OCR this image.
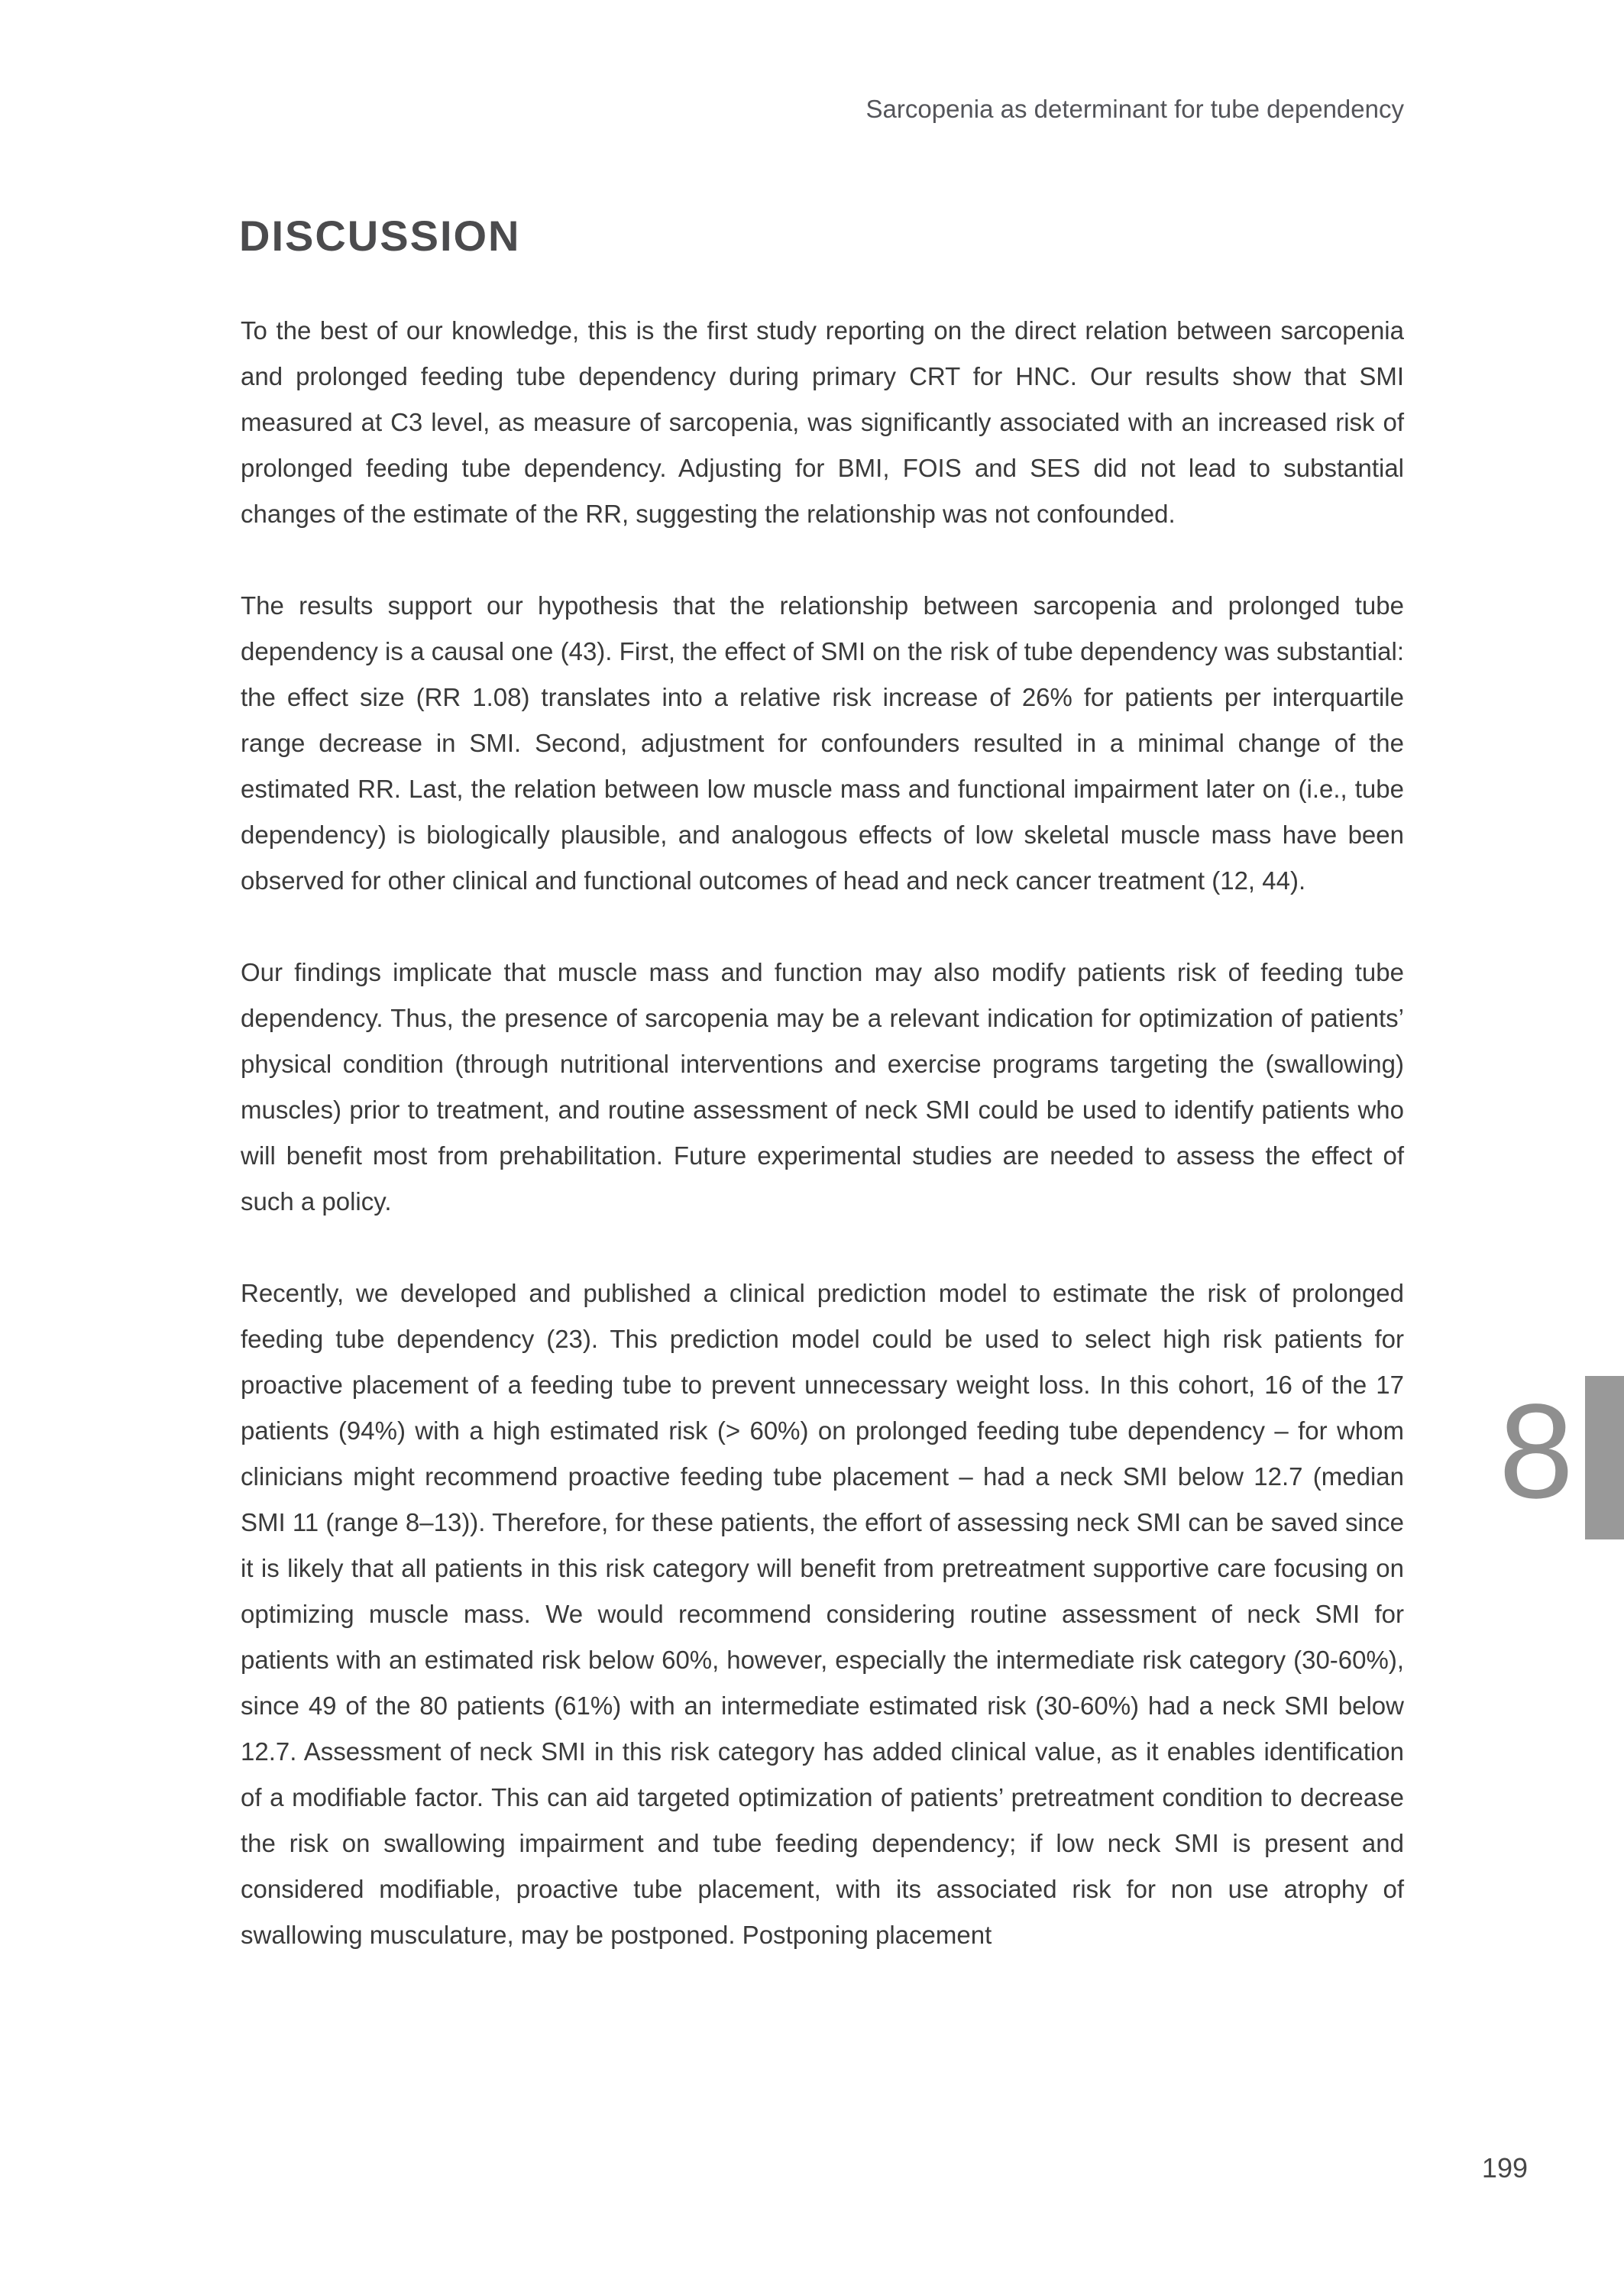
Sarcopenia as determinant for tube dependency
DISCUSSION

To the best of our knowledge, this is the first study reporting on the direct relation between sarcopenia and prolonged feeding tube dependency during primary CRT for HNC. Our results show that SMI measured at C3 level, as measure of sarcopenia, was significantly associated with an increased risk of prolonged feeding tube dependency. Adjusting for BMI, FOIS and SES did not lead to substantial changes of the estimate of the RR, suggesting the relationship was not confounded.

The results support our hypothesis that the relationship between sarcopenia and prolonged tube dependency is a causal one (43). First, the effect of SMI on the risk of tube dependency was substantial: the effect size (RR 1.08) translates into a relative risk increase of 26% for patients per interquartile range decrease in SMI. Second, adjustment for confounders resulted in a minimal change of the estimated RR. Last, the relation between low muscle mass and functional impairment later on (i.e., tube dependency) is biologically plausible, and analogous effects of low skeletal muscle mass have been observed for other clinical and functional outcomes of head and neck cancer treatment (12, 44).

Our findings implicate that muscle mass and function may also modify patients risk of feeding tube dependency. Thus, the presence of sarcopenia may be a relevant indication for optimization of patients’ physical condition (through nutritional interventions and exercise programs targeting the (swallowing) muscles) prior to treatment, and routine assessment of neck SMI could be used to identify patients who will benefit most from prehabilitation. Future experimental studies are needed to assess the effect of such a policy.

Recently, we developed and published a clinical prediction model to estimate the risk of prolonged feeding tube dependency (23). This prediction model could be used to select high risk patients for proactive placement of a feeding tube to prevent unnecessary weight loss. In this cohort, 16 of the 17 patients (94%) with a high estimated risk (> 60%) on prolonged feeding tube dependency – for whom clinicians might recommend proactive feeding tube placement – had a neck SMI below 12.7 (median SMI 11 (range 8–13)). Therefore, for these patients, the effort of assessing neck SMI can be saved since it is likely that all patients in this risk category will benefit from pretreatment supportive care focusing on optimizing muscle mass. We would recommend considering routine assessment of neck SMI for patients with an estimated risk below 60%, however, especially the intermediate risk category (30-60%), since 49 of the 80 patients (61%) with an intermediate estimated risk (30-60%) had a neck SMI below 12.7. Assessment of neck SMI in this risk category has added clinical value, as it enables identification of a modifiable factor. This can aid targeted optimization of patients’ pretreatment condition to decrease the risk on swallowing impairment and tube feeding dependency; if low neck SMI is present and considered modifiable, proactive tube placement, with its associated risk for non use atrophy of swallowing musculature, may be postponed. Postponing placement

8
199
